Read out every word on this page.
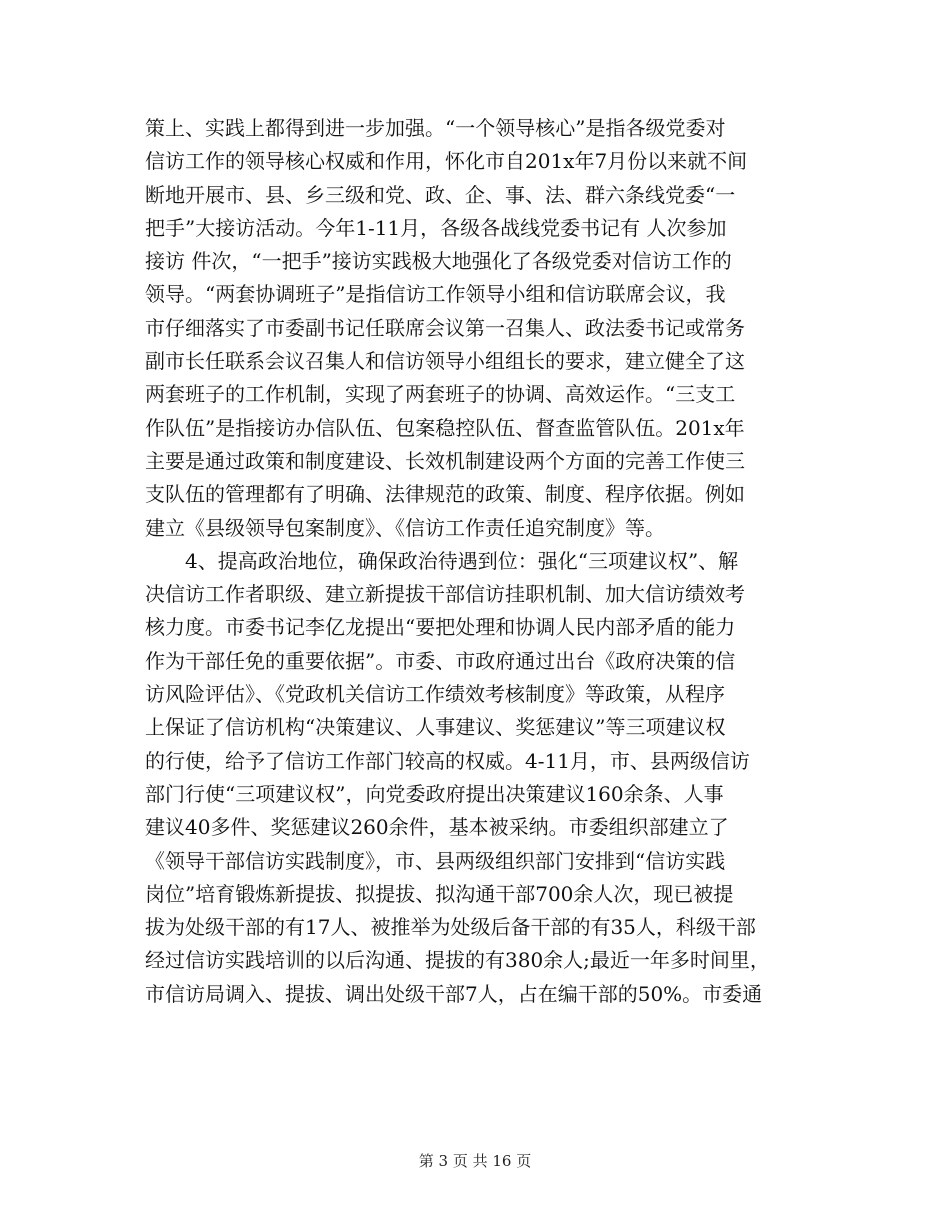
策上、实践上都得到进一步加强。“一个领导核心”是指各级党委对
信访工作的领导核心权威和作用，怀化市自201x年7月份以来就不间
断地开展市、县、乡三级和党、政、企、事、法、群六条线党委“一
把手”大接访活动。今年1-11月，各级各战线党委书记有 人次参加
接访 件次，“一把手”接访实践极大地强化了各级党委对信访工作的
领导。“两套协调班子”是指信访工作领导小组和信访联席会议，我
市仔细落实了市委副书记任联席会议第一召集人、政法委书记或常务
副市长任联系会议召集人和信访领导小组组长的要求，建立健全了这
两套班子的工作机制，实现了两套班子的协调、高效运作。“三支工
作队伍”是指接访办信队伍、包案稳控队伍、督查监管队伍。201x年
主要是通过政策和制度建设、长效机制建设两个方面的完善工作使三
支队伍的管理都有了明确、法律规范的政策、制度、程序依据。例如
建立《县级领导包案制度》、《信访工作责任追究制度》等。
　　4、提高政治地位，确保政治待遇到位：强化“三项建议权”、解
决信访工作者职级、建立新提拔干部信访挂职机制、加大信访绩效考
核力度。市委书记李亿龙提出“要把处理和协调人民内部矛盾的能力
作为干部任免的重要依据”。市委、市政府通过出台《政府决策的信
访风险评估》、《党政机关信访工作绩效考核制度》等政策，从程序
上保证了信访机构“决策建议、人事建议、奖惩建议”等三项建议权
的行使，给予了信访工作部门较高的权威。4-11月，市、县两级信访
部门行使“三项建议权”，向党委政府提出决策建议160余条、人事
建议40多件、奖惩建议260余件，基本被采纳。市委组织部建立了
《领导干部信访实践制度》，市、县两级组织部门安排到“信访实践
岗位”培育锻炼新提拔、拟提拔、拟沟通干部700余人次，现已被提
拔为处级干部的有17人、被推举为处级后备干部的有35人，科级干部
经过信访实践培训的以后沟通、提拔的有380余人;最近一年多时间里，
市信访局调入、提拔、调出处级干部7人，占在编干部的50%。市委通
第 3 页 共 16 页
